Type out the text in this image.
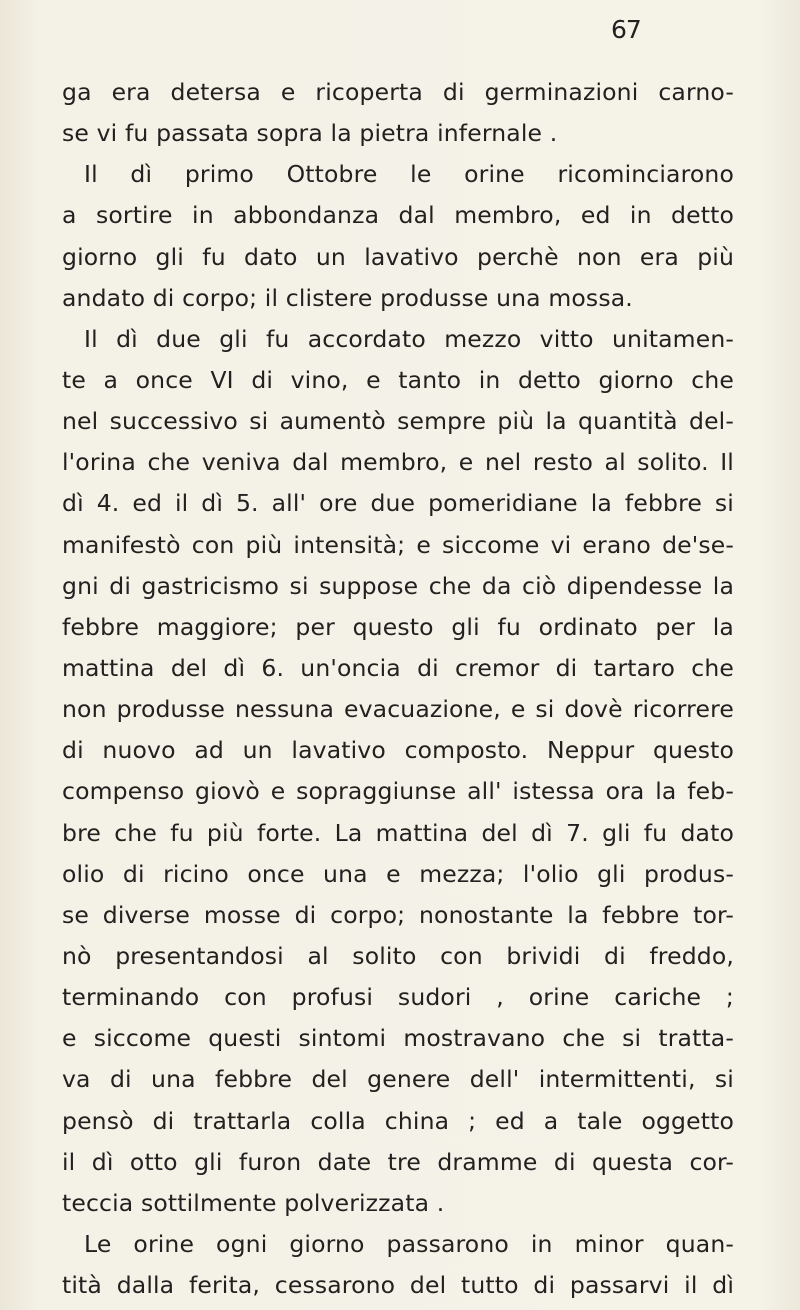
67
ga era detersa e ricoperta di germinazioni carno-
se vi fu passata sopra la pietra infernale .
Il dì primo Ottobre le orine ricominciarono
a sortire in abbondanza dal membro, ed in detto
giorno gli fu dato un lavativo perchè non era più
andato di corpo; il clistere produsse una mossa.
Il dì due gli fu accordato mezzo vitto unitamen-
te a once VI di vino, e tanto in detto giorno che
nel successivo si aumentò sempre più la quantità del-
l'orina che veniva dal membro, e nel resto al solito. Il
dì 4. ed il dì 5. all' ore due pomeridiane la febbre si
manifestò con più intensità; e siccome vi erano de'se-
gni di gastricismo si suppose che da ciò dipendesse la
febbre maggiore; per questo gli fu ordinato per la
mattina del dì 6. un'oncia di cremor di tartaro che
non produsse nessuna evacuazione, e si dovè ricorrere
di nuovo ad un lavativo composto. Neppur questo
compenso giovò e sopraggiunse all' istessa ora la feb-
bre che fu più forte. La mattina del dì 7. gli fu dato
olio di ricino once una e mezza; l'olio gli produs-
se diverse mosse di corpo; nonostante la febbre tor-
nò presentandosi al solito con brividi di freddo,
terminando con profusi sudori , orine cariche ;
e siccome questi sintomi mostravano che si tratta-
va di una febbre del genere dell' intermittenti, si
pensò di trattarla colla china ; ed a tale oggetto
il dì otto gli furon date tre dramme di questa cor-
teccia sottilmente polverizzata .
Le orine ogni giorno passarono in minor quan-
tità dalla ferita, cessarono del tutto di passarvi il dì
